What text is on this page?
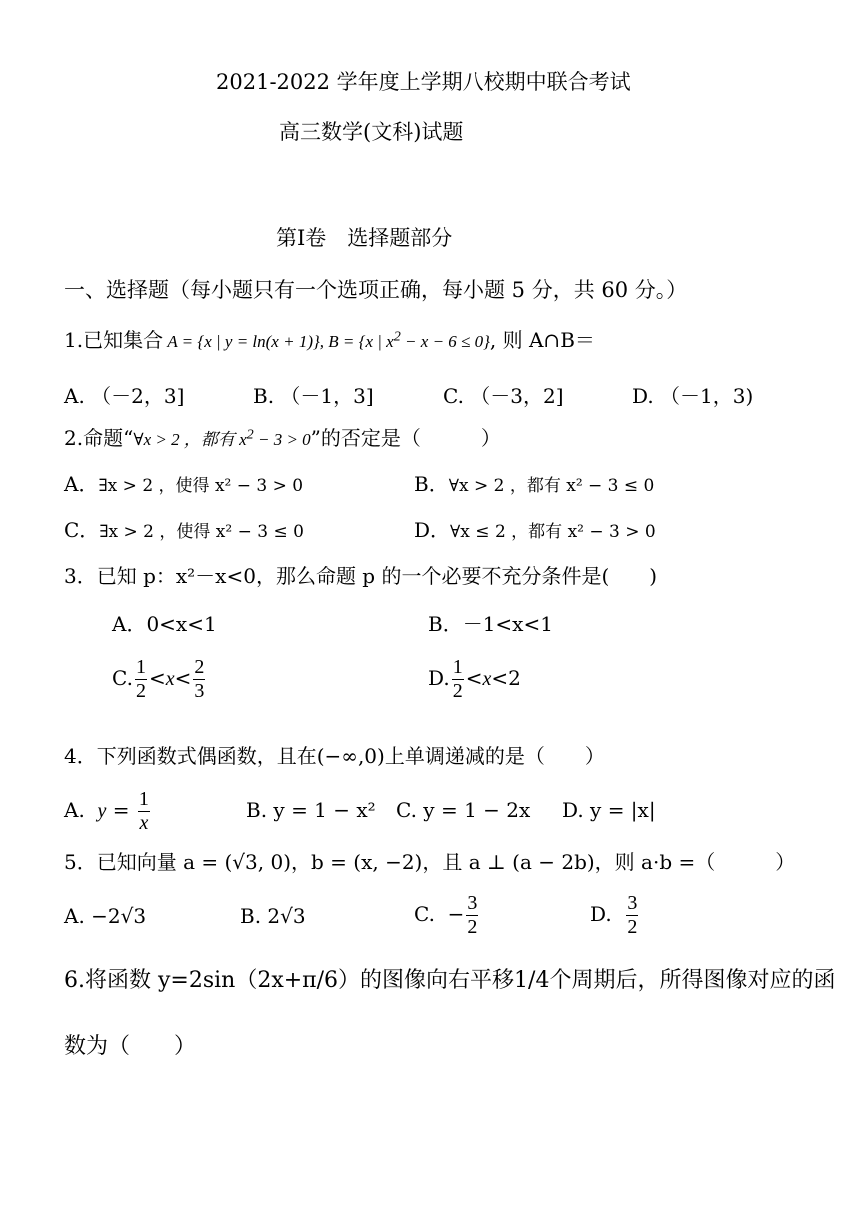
2021-2022 学年度上学期八校期中联合考试
高三数学(文科)试题
第Ⅰ卷　选择题部分
一、选择题（每小题只有一个选项正确，每小题 5 分，共 60 分。）
1.已知集合 A = {x | y = ln(x + 1)}, B = {x | $x^2 - x - 6 \le 0$}, 则 A∩B＝
A. （－2，3]	B. （－1，3]	C. （－3，2]	D. （－1，3)
2.命题“∀x > 2 ，都有 $x^2 - 3 > 0$”的否定是（　　　）
A．∃x > 2 ，使得 x² − 3 > 0	B．∀x > 2 ，都有 x² − 3 ≤ 0
C．∃x > 2 ，使得 x² − 3 ≤ 0	D．∀x ≤ 2 ，都有 x² − 3 > 0
3．已知 p：x²－x<0，那么命题 p 的一个必要不充分条件是(　　)
A．0<x<1	B．－1<x<1
C. $\frac{1}{2} <x< \frac{2}{3}$	D. $\frac{1}{2} <x<2$
4．下列函数式偶函数，且在(−∞,0)上单调递减的是（　　）
A.  $y = \frac{1}{x}$	B. y = 1 − x² C. y = 1 − 2x D. y = |x|
5．已知向量 a = (√3, 0)，b = (x, −2)，且 a ⊥ (a − 2b)，则 a·b =（　　　）
A. −2√3	B. 2√3	C.  − $\frac{3}{2}$	D. $\frac{3}{2}$
6.将函数 y=2sin（2x+π/6）的图像向右平移1/4个周期后，所得图像对应的函
数为（　　）
